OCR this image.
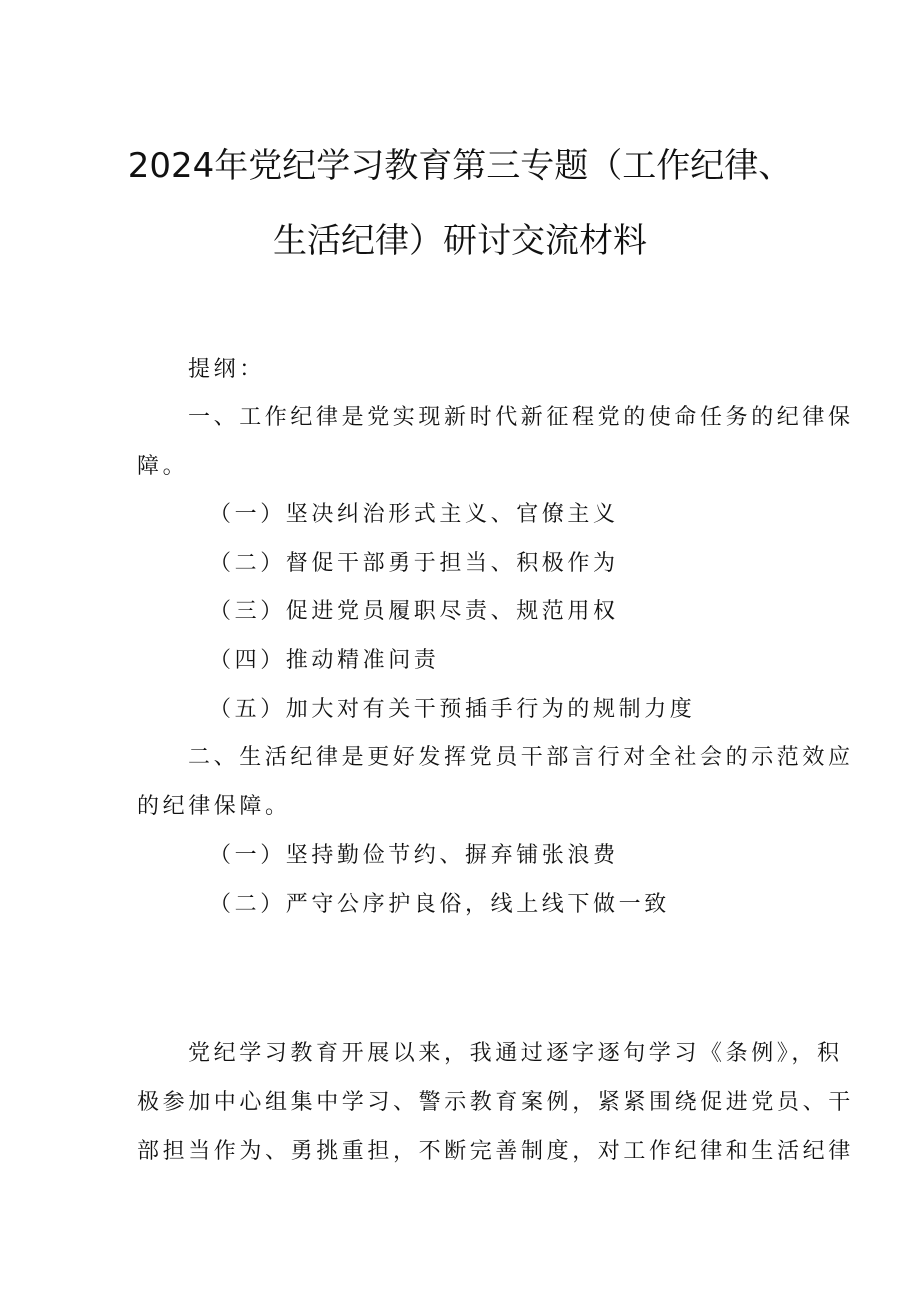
2024年党纪学习教育第三专题（工作纪律、
生活纪律）研讨交流材料
提纲：
一、工作纪律是党实现新时代新征程党的使命任务的纪律保
障。
（一）坚决纠治形式主义、官僚主义
（二）督促干部勇于担当、积极作为
（三）促进党员履职尽责、规范用权
（四）推动精准问责
（五）加大对有关干预插手行为的规制力度
二、生活纪律是更好发挥党员干部言行对全社会的示范效应
的纪律保障。
（一）坚持勤俭节约、摒弃铺张浪费
（二）严守公序护良俗，线上线下做一致
党纪学习教育开展以来，我通过逐字逐句学习《条例》，积
极参加中心组集中学习、警示教育案例，紧紧围绕促进党员、干
部担当作为、勇挑重担，不断完善制度，对工作纪律和生活纪律
